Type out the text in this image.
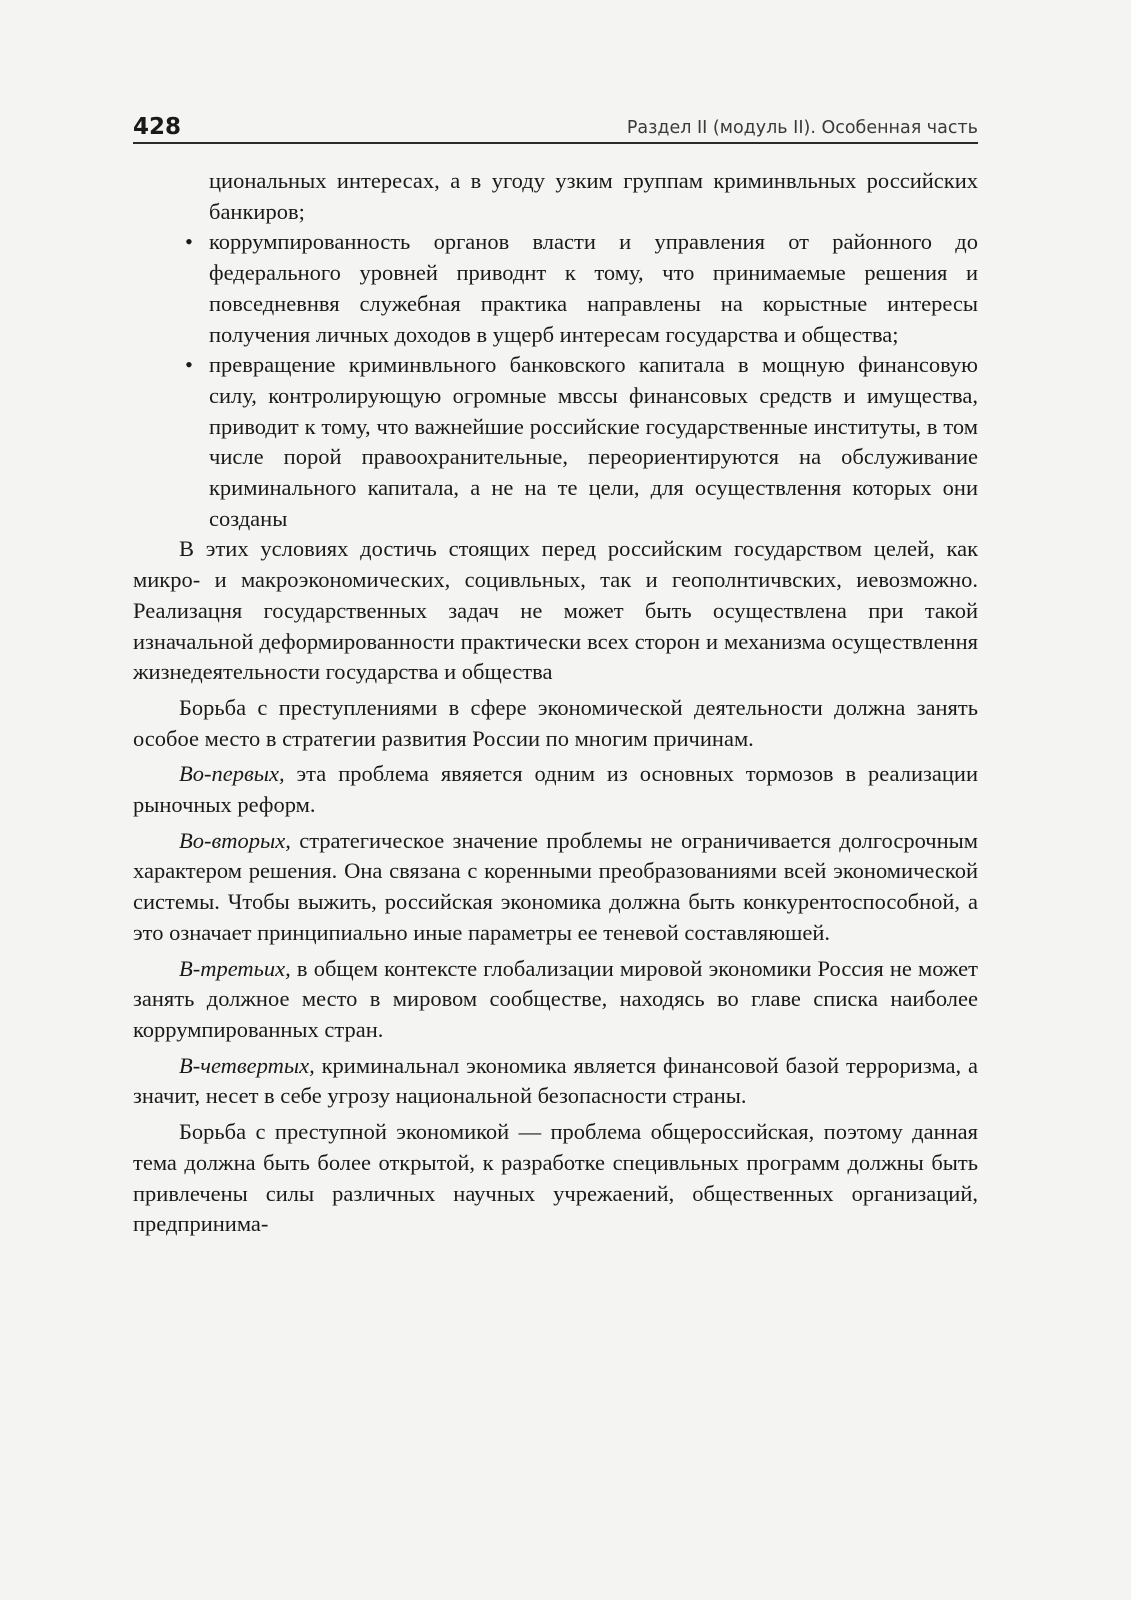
428	Раздел II (модуль II). Особенная часть
циональных интересах, а в угоду узким группам криминвльных российских банкиров;
• коррумпированность органов власти и управления от районного до федерального уровней приводнт к тому, что принимаемые решения и повседневнвя служебная практика направлены на корыстные интересы получения личных доходов в ущерб интересам государства и общества;
• превращение криминвльного банковского капитала в мощную финансовую силу, контролирующую огромные мвссы финансовых средств и имущества, приводит к тому, что важнейшие российские государственные институты, в том числе порой правоохранительные, переориентируются на обслуживание криминального капитала, а не на те цели, для осуществлення которых они созданы

В этих условиях достичь стоящих перед российским государством целей, как микро- и макроэкономических, социвльных, так и геополнтичвских, иевозможно. Реализацня государственных задач не может быть осуществлена при такой изначальной деформированности практически всех сторон и механизма осуществлення жизнедеятельности государства и общества

Борьба с преступлениями в сфере экономической деятельности должна занять особое место в стратегии развития России по многим причинам.

Во-первых, эта проблема явяяется одним из основных тормозов в реализации рыночных реформ.

Во-вторых, стратегическое значение проблемы не ограничивается долгосрочным характером решения. Она связана с коренными преобразованиями всей экономической системы. Чтобы выжить, российская экономика должна быть конкурентоспособной, а это означает принципиально иные параметры ее теневой составляюшей.

В-третьих, в общем контексте глобализации мировой экономики Россия не может занять должное место в мировом сообществе, находясь во главе списка наиболее коррумпированных стран.

В-четвертых, криминальнал экономика является финансовой базой терроризма, а значит, несет в себе угрозу национальной безопасности страны.

Борьба с преступной экономикой — проблема общероссийская, поэтому данная тема должна быть более открытой, к разработке специвльных программ должны быть привлечены силы различных научных учрежаений, общественных организаций, предпринима-
